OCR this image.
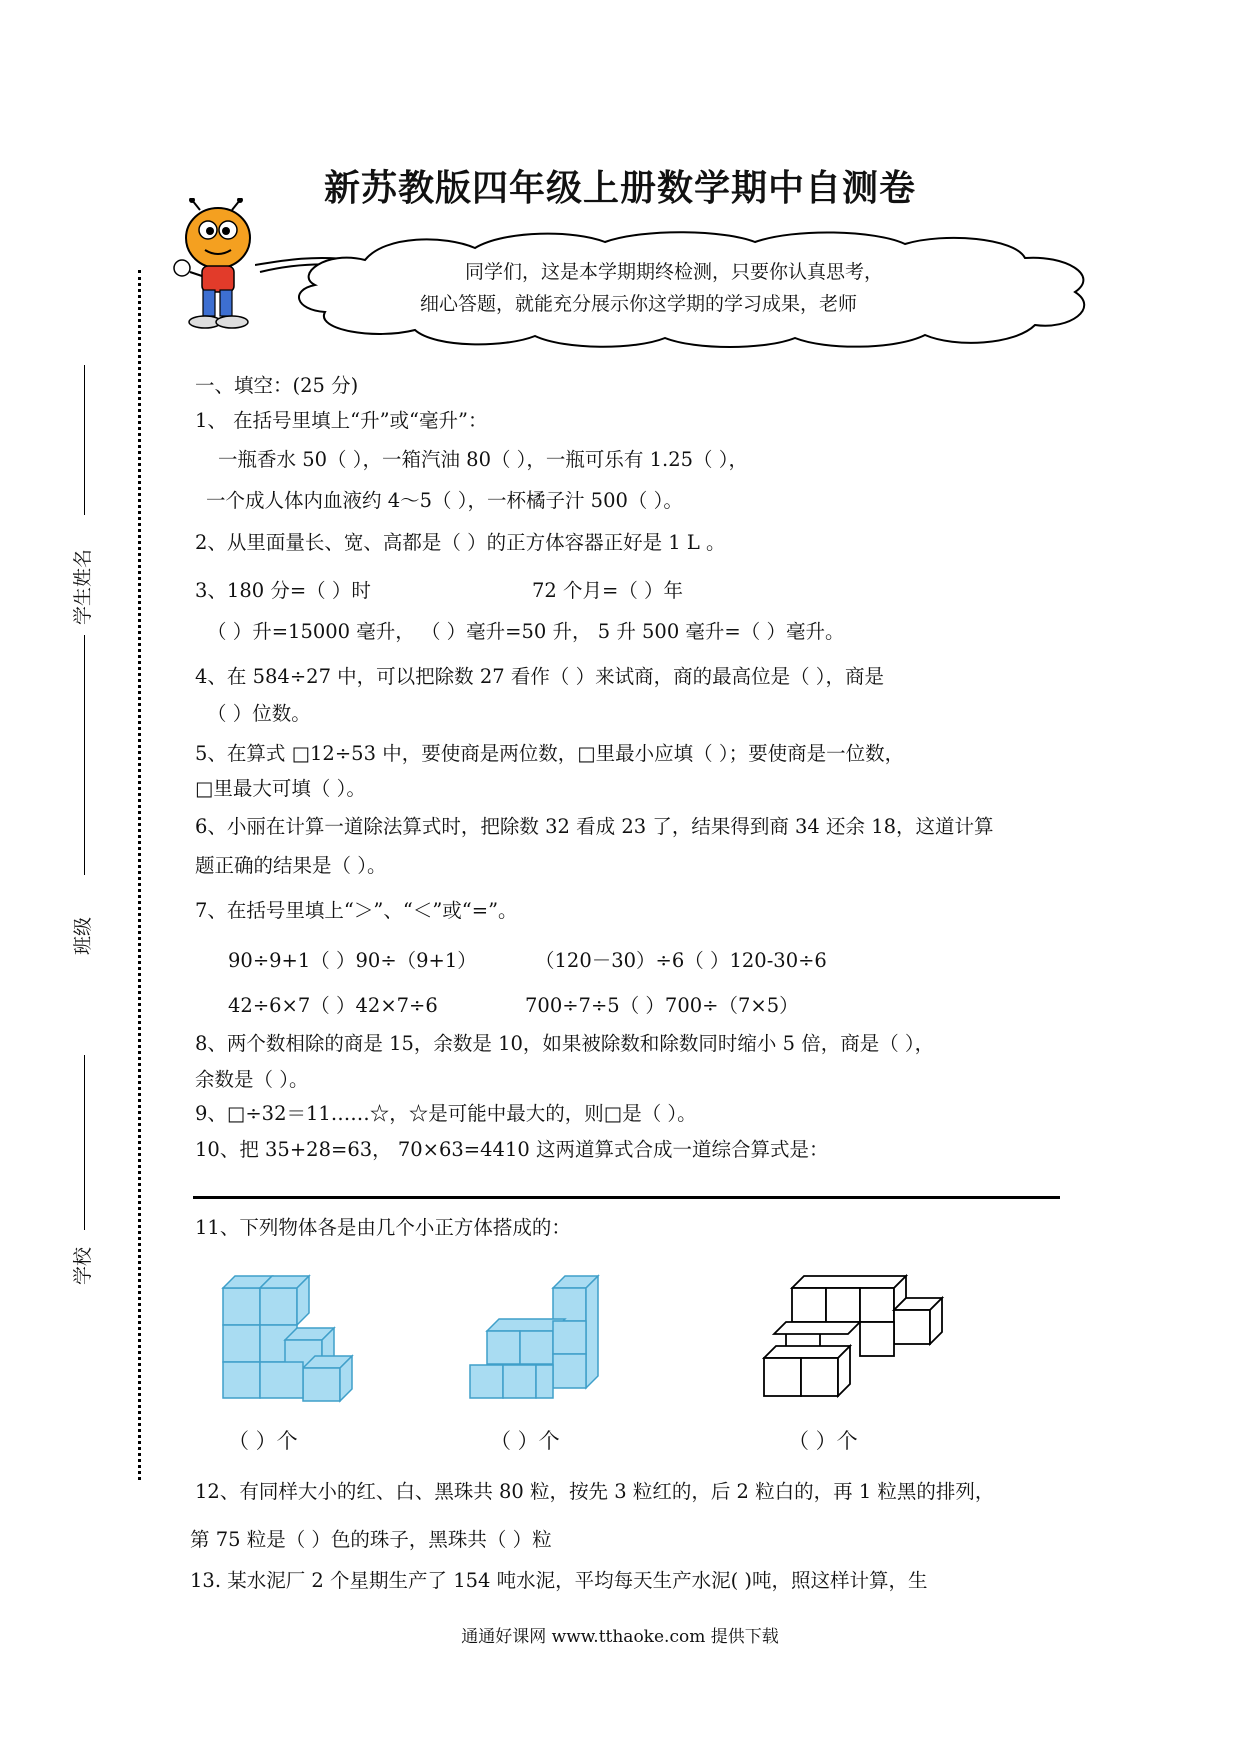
新苏教版四年级上册数学期中自测卷
同学们，这是本学期期终检测，只要你认真思考，
细心答题，就能充分展示你这学期的学习成果，老师
学生姓名
班级
学校
一、填空：(25 分)
1、 在括号里填上“升”或“毫升”：
一瓶香水 50（ ），一箱汽油 80（ ），一瓶可乐有 1.25（ ），
一个成人体内血液约 4～5（ ），一杯橘子汁 500（ ）。
2、从里面量长、宽、高都是（ ）的正方体容器正好是 1 L 。
3、180 分=（ ）时	72 个月=（ ）年
（ ）升=15000 毫升， （ ）毫升=50 升， 5 升 500 毫升=（ ）毫升。
4、在 584÷27 中，可以把除数 27 看作（ ）来试商，商的最高位是（ ），商是
（ ）位数。
5、在算式 □12÷53 中，要使商是两位数，□里最小应填（ ）；要使商是一位数，
□里最大可填（ ）。
6、小丽在计算一道除法算式时，把除数 32 看成 23 了，结果得到商 34 还余 18，这道计算
题正确的结果是（ ）。
7、在括号里填上“＞”、“＜”或“=”。
90÷9+1（ ）90÷（9+1）	（120－30）÷6（ ）120-30÷6
42÷6×7（ ）42×7÷6	700÷7÷5（ ）700÷（7×5）
8、两个数相除的商是 15，余数是 10，如果被除数和除数同时缩小 5 倍，商是（ ），
余数是（ ）。
9、□÷32＝11……☆，☆是可能中最大的，则□是（ ）。
10、把 35+28=63， 70×63=4410 这两道算式合成一道综合算式是：
11、下列物体各是由几个小正方体搭成的：
（ ）个	（ ）个	（ ）个
12、有同样大小的红、白、黑珠共 80 粒，按先 3 粒红的，后 2 粒白的，再 1 粒黑的排列，
第 75 粒是（ ）色的珠子，黑珠共（ ）粒
13. 某水泥厂 2 个星期生产了 154 吨水泥，平均每天生产水泥( )吨，照这样计算，生
通通好课网 www.tthaoke.com 提供下载
